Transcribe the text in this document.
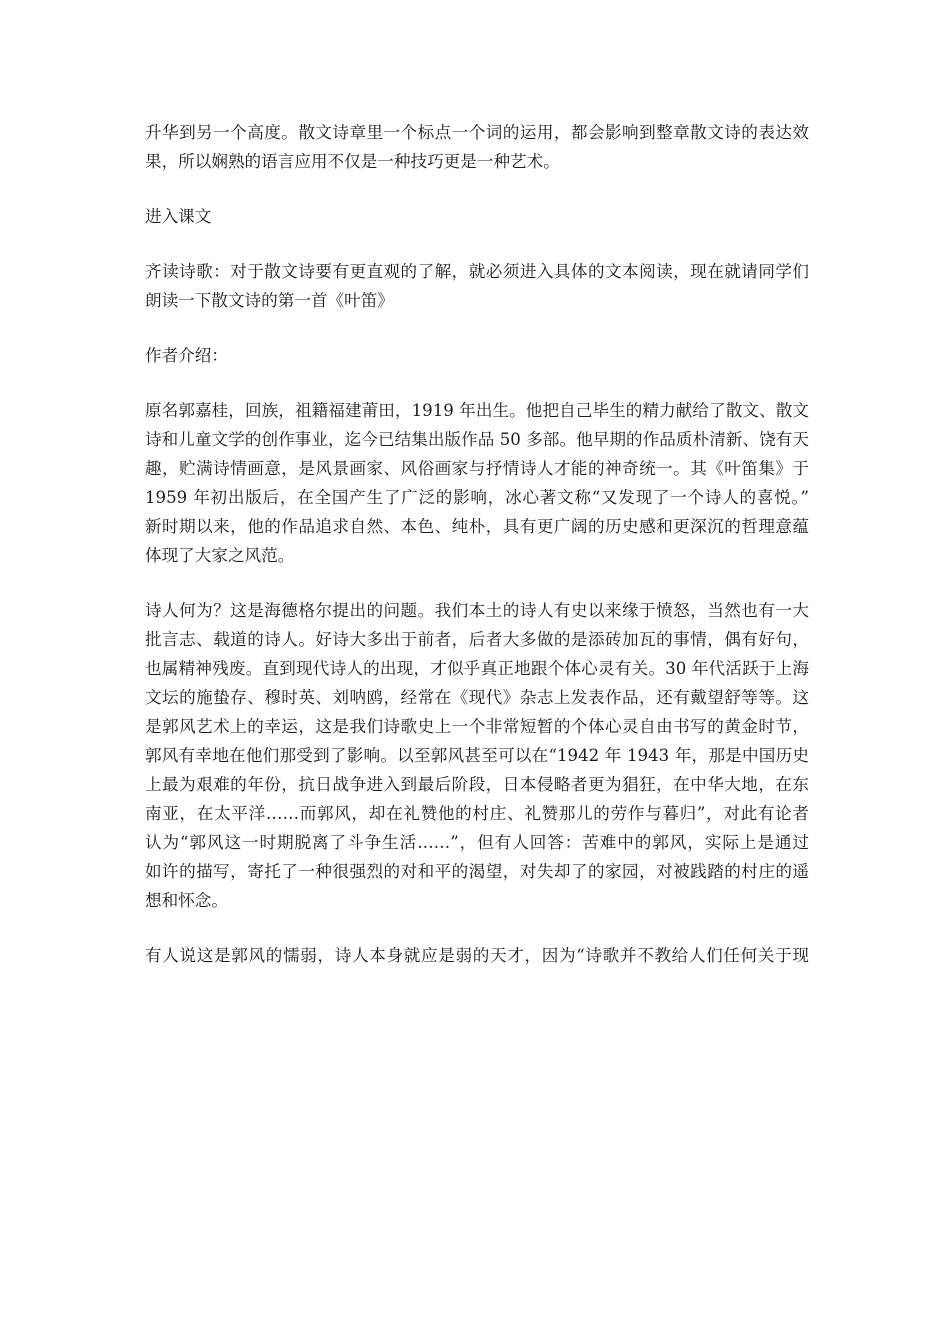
升华到另一个高度。散文诗章里一个标点一个词的运用，都会影响到整章散文诗的表达效
果，所以娴熟的语言应用不仅是一种技巧更是一种艺术。

进入课文

齐读诗歌：对于散文诗要有更直观的了解，就必须进入具体的文本阅读，现在就请同学们
朗读一下散文诗的第一首《叶笛》

作者介绍：

原名郭嘉桂，回族，祖籍福建莆田，1919 年出生。他把自己毕生的精力献给了散文、散文
诗和儿童文学的创作事业，迄今已结集出版作品 50 多部。他早期的作品质朴清新、饶有天
趣，贮满诗情画意，是风景画家、风俗画家与抒情诗人才能的神奇统一。其《叶笛集》于
1959 年初出版后，在全国产生了广泛的影响，冰心著文称“又发现了一个诗人的喜悦。”
新时期以来，他的作品追求自然、本色、纯朴，具有更广阔的历史感和更深沉的哲理意蕴
体现了大家之风范。

诗人何为？这是海德格尔提出的问题。我们本土的诗人有史以来缘于愤怒，当然也有一大
批言志、载道的诗人。好诗大多出于前者，后者大多做的是添砖加瓦的事情，偶有好句，
也属精神残废。直到现代诗人的出现，才似乎真正地跟个体心灵有关。30 年代活跃于上海
文坛的施蛰存、穆时英、刘呐鸥，经常在《现代》杂志上发表作品，还有戴望舒等等。这
是郭风艺术上的幸运，这是我们诗歌史上一个非常短暂的个体心灵自由书写的黄金时节，
郭风有幸地在他们那受到了影响。以至郭风甚至可以在“1942 年 1943 年，那是中国历史
上最为艰难的年份，抗日战争进入到最后阶段，日本侵略者更为猖狂，在中华大地，在东
南亚，在太平洋……而郭风，却在礼赞他的村庄、礼赞那儿的劳作与暮归”，对此有论者
认为“郭风这一时期脱离了斗争生活……”，但有人回答：苦难中的郭风，实际上是通过
如许的描写，寄托了一种很强烈的对和平的渴望，对失却了的家园，对被践踏的村庄的遥
想和怀念。

有人说这是郭风的懦弱，诗人本身就应是弱的天才，因为“诗歌并不教给人们任何关于现
